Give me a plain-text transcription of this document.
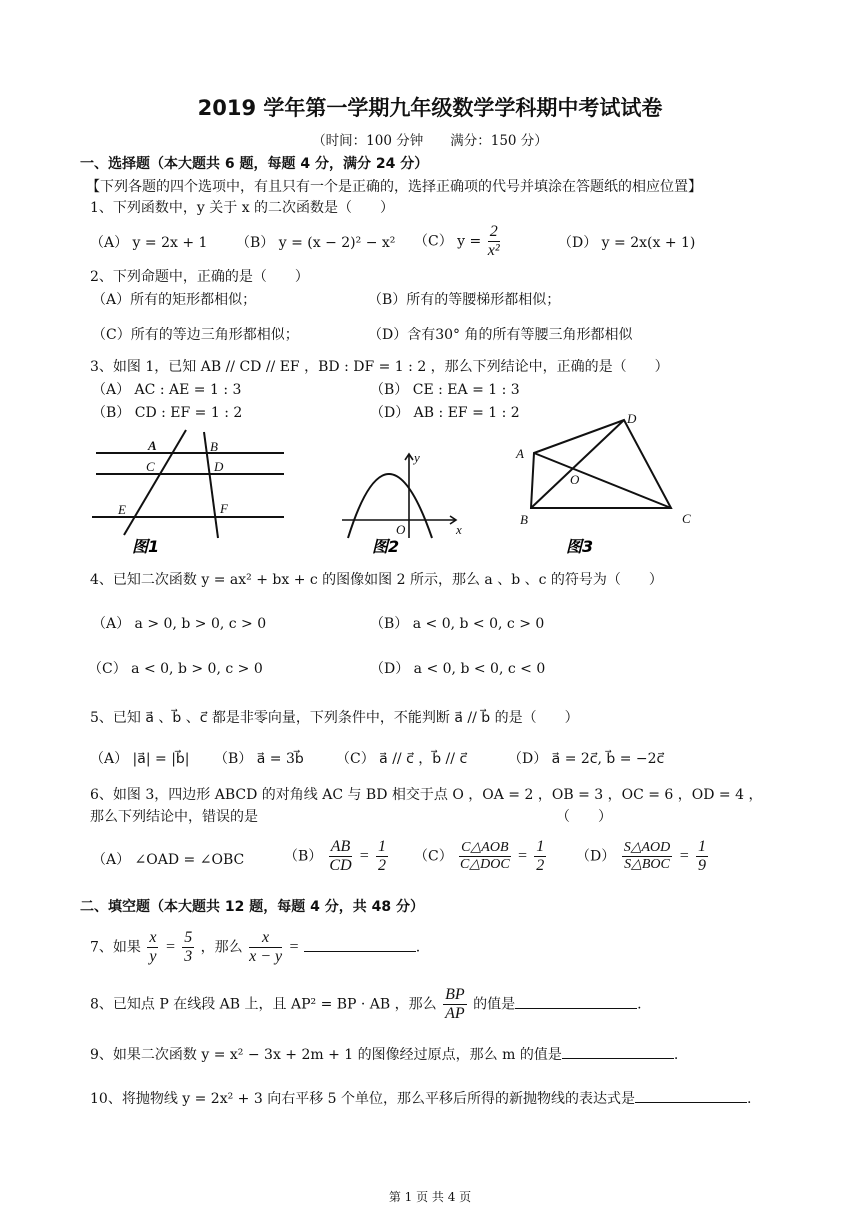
2019 学年第一学期九年级数学学科期中考试试卷
（时间：100 分钟　　满分：150 分）
一、选择题（本大题共 6 题，每题 4 分，满分 24 分）
【下列各题的四个选项中，有且只有一个是正确的，选择正确项的代号并填涂在答题纸的相应位置】
1、下列函数中，y 关于 x 的二次函数是（　　）
（A） y = 2x + 1 （B） y = (x − 2)² − x² （C） $y = \frac{2}{\text{x²}}$	（D） y = 2x(x + 1)
2、下列命题中，正确的是（　　）
（A）所有的矩形都相似；	（B）所有的等腰梯形都相似；
（C）所有的等边三角形都相似；	（D）含有30° 角的所有等腰三角形都相似
3、如图 1，已知 AB // CD // EF ，BD : DF = 1 : 2 ，那么下列结论中，正确的是（　　）
（A） AC : AE = 1 : 3	（B） CE : EA = 1 : 3
（B） CD : EF = 1 : 2	（D） AB : EF = 1 : 2
A	B
C	D
E	F
图1
y
O	x
图2
A
D
O
B	C
图3
4、已知二次函数 y = ax² + bx + c 的图像如图 2 所示，那么 a 、b 、c 的符号为（　　）
（A） a > 0, b > 0, c > 0	（B） a < 0, b < 0, c > 0
（C） a < 0, b > 0, c > 0	（D） a < 0, b < 0, c < 0
5、已知 a⃗ 、b⃗ 、c⃗ 都是非零向量，下列条件中，不能判断 a⃗ // b⃗ 的是（　　）
（A） |a⃗| = |b⃗| （B） a⃗ = 3b⃗ （C） a⃗ // c⃗ ，b⃗ // c⃗	（D） a⃗ = 2c⃗, b⃗ = −2c⃗
6、如图 3，四边形 ABCD 的对角线 AC 与 BD 相交于点 O ，OA = 2 ，OB = 3 ，OC = 6 ，OD = 4 ，
那么下列结论中，错误的是	（　　）
（A） ∠OAD = ∠OBC	$(B) \frac{AB}{CD} = \frac{1}{2} (C) \frac{\text{C△AOB}}{\text{C△DOC}} = \frac{1}{2} (D) \frac{\text{S△AOD}}{\text{S△BOC}} = \frac{1}{9}$
二、填空题（本大题共 12 题，每题 4 分，共 48 分）
7、如果 $\frac{x}{y} = \frac{5}{3}$ ，那么 $\frac{x}{x - y}$ =	.
8、已知点 P 在线段 AB 上，且 AP² = BP · AB ，那么 $\frac{BP}{AP}$ 的值是	.
9、如果二次函数 y = x² − 3x + 2m + 1 的图像经过原点，那么 m 的值是	.
10、将抛物线 y = 2x² + 3 向右平移 5 个单位，那么平移后所得的新抛物线的表达式是	.
第 1 页 共 4 页
